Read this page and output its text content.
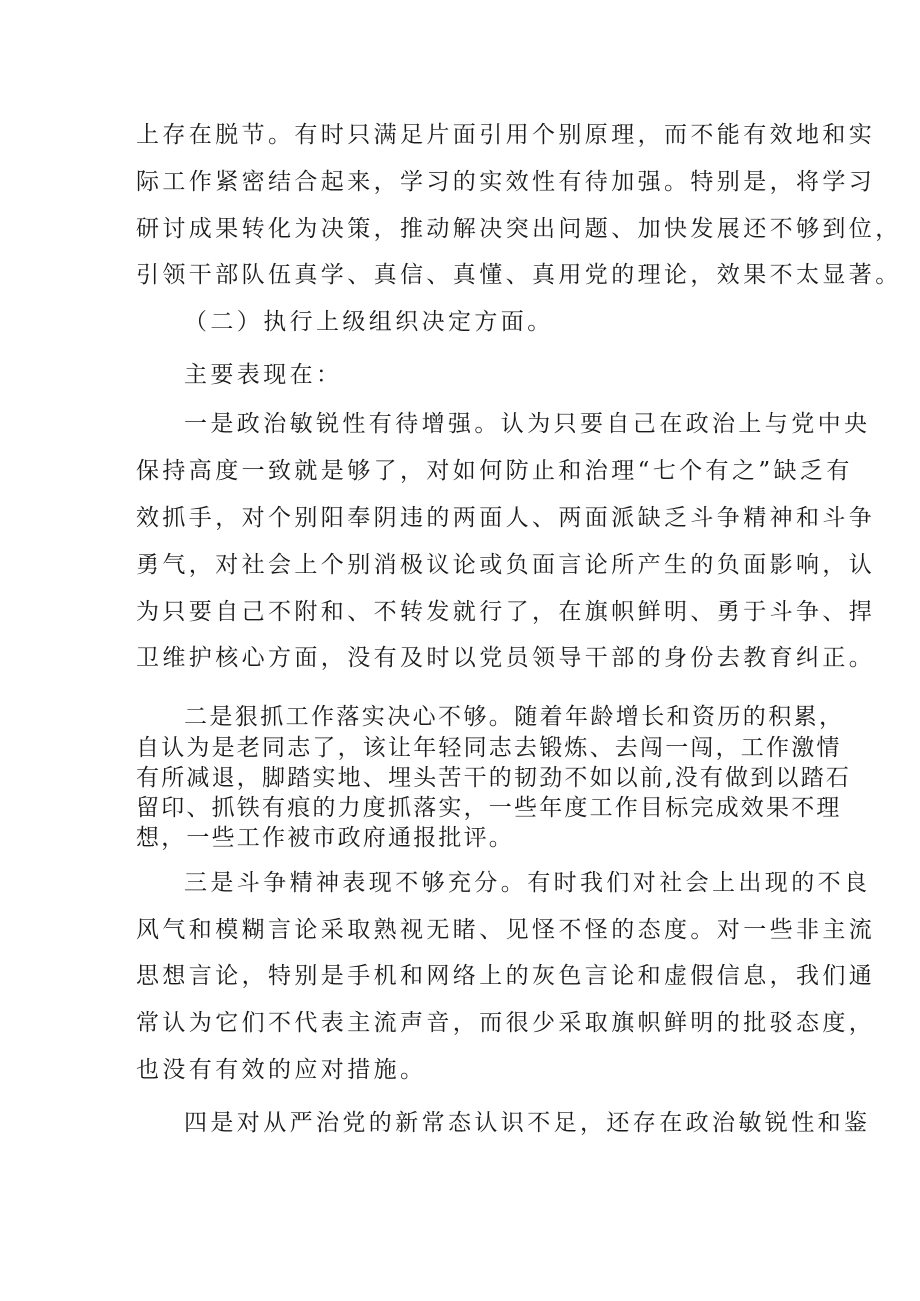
上存在脱节。有时只满足片面引用个别原理，而不能有效地和实
际工作紧密结合起来，学习的实效性有待加强。特别是，将学习
研讨成果转化为决策，推动解决突出问题、加快发展还不够到位，
引领干部队伍真学、真信、真懂、真用党的理论，效果不太显著。
（二）执行上级组织决定方面。
主要表现在：
一是政治敏锐性有待增强。认为只要自己在政治上与党中央
保持高度一致就是够了，对如何防止和治理“七个有之”缺乏有
效抓手，对个别阳奉阴违的两面人、两面派缺乏斗争精神和斗争
勇气，对社会上个别消极议论或负面言论所产生的负面影响，认
为只要自己不附和、不转发就行了，在旗帜鲜明、勇于斗争、捍
卫维护核心方面，没有及时以党员领导干部的身份去教育纠正。
二是狠抓工作落实决心不够。随着年龄增长和资历的积累，
自认为是老同志了，该让年轻同志去锻炼、去闯一闯，工作激情
有所减退，脚踏实地、埋头苦干的韧劲不如以前,没有做到以踏石
留印、抓铁有痕的力度抓落实，一些年度工作目标完成效果不理
想，一些工作被市政府通报批评。
三是斗争精神表现不够充分。有时我们对社会上出现的不良
风气和模糊言论采取熟视无睹、见怪不怪的态度。对一些非主流
思想言论，特别是手机和网络上的灰色言论和虚假信息，我们通
常认为它们不代表主流声音，而很少采取旗帜鲜明的批驳态度，
也没有有效的应对措施。
四是对从严治党的新常态认识不足，还存在政治敏锐性和鉴
